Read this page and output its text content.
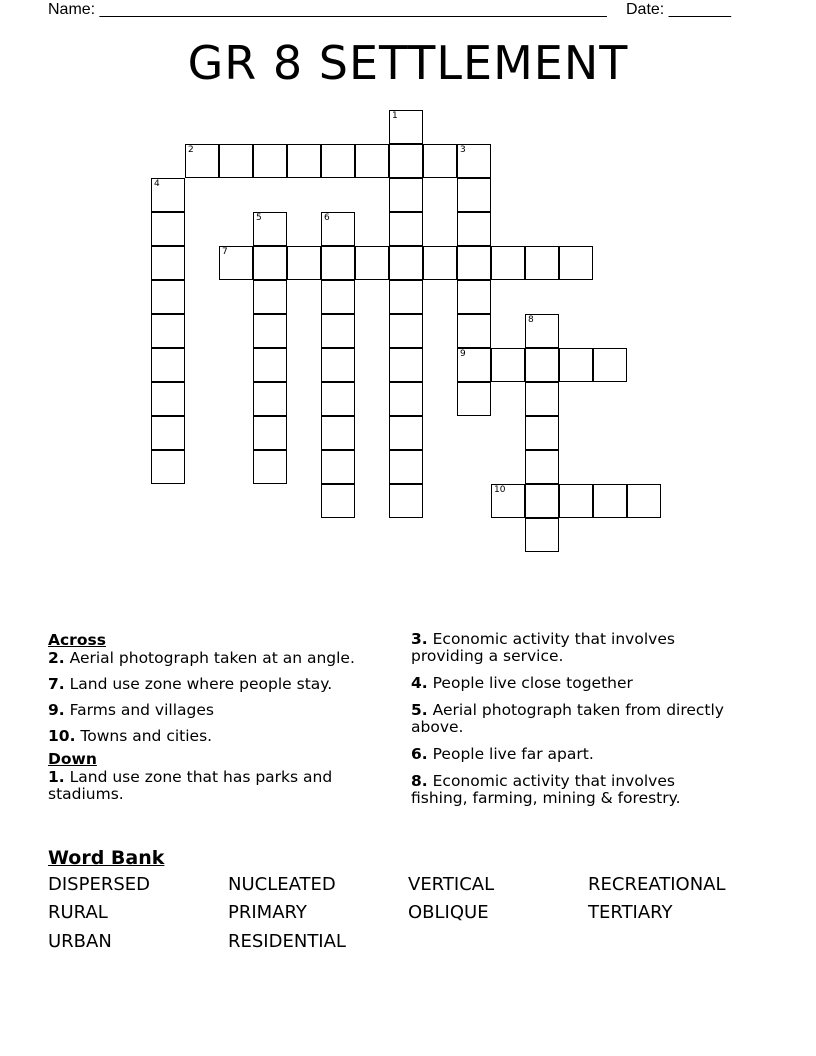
Name: _________________________________________________________ Date: _______
GR 8 SETTLEMENT
1
2	3
9
4
5	6
7
8
10
Across
2. Aerial photograph taken at an angle.
7. Land use zone where people stay.
9. Farms and villages
10. Towns and cities.
Down
1. Land use zone that has parks and stadiums.
3. Economic activity that involves providing a service.
4. People live close together
5. Aerial photograph taken from directly above.
6. People live far apart.
8. Economic activity that involves fishing, farming, mining & forestry.
Word Bank
DISPERSED	NUCLEATED	VERTICAL	RECREATIONAL
RURAL	PRIMARY	OBLIQUE	TERTIARY
URBAN	RESIDENTIAL
